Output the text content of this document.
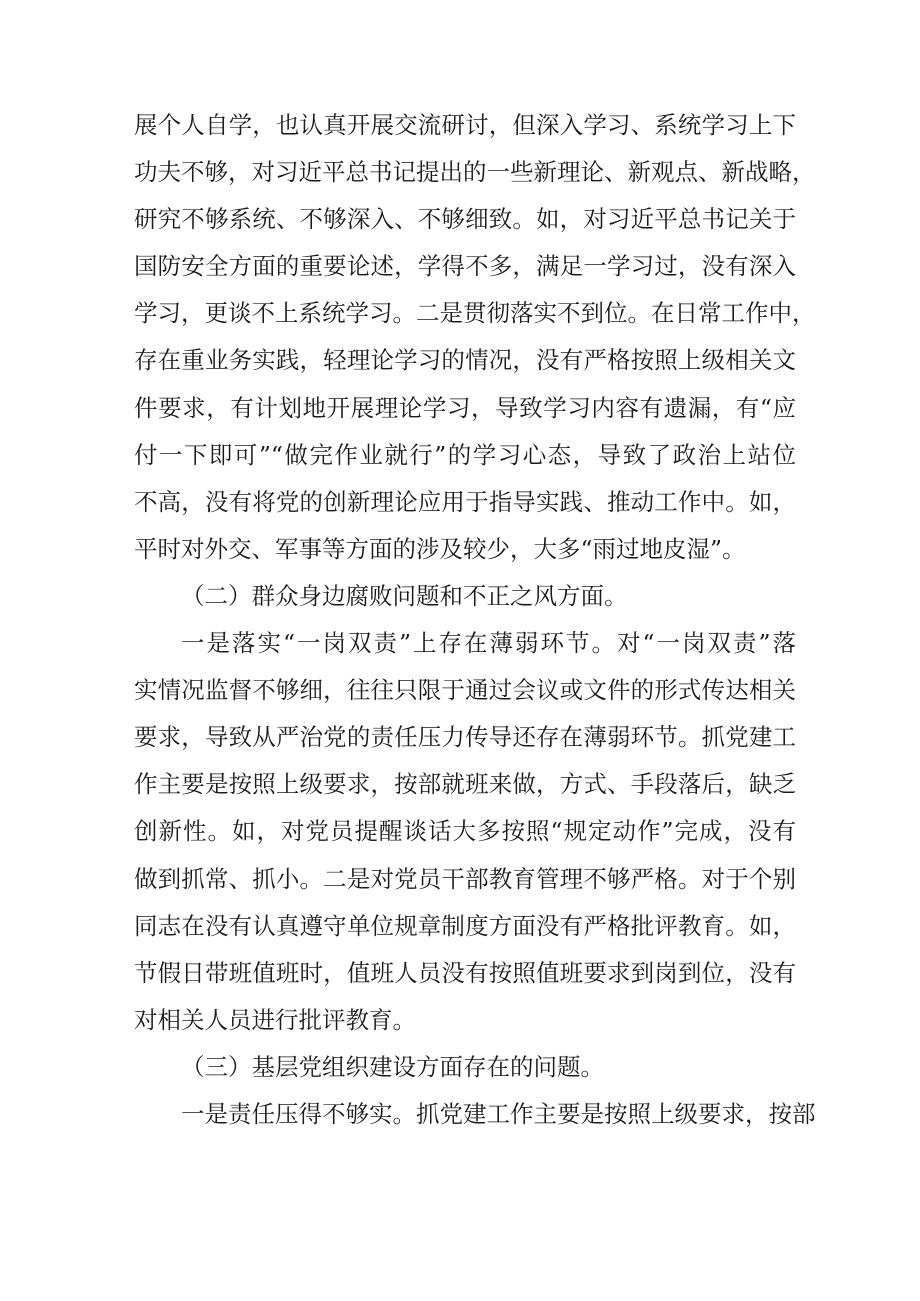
展个人自学，也认真开展交流研讨，但深入学习、系统学习上下
功夫不够，对习近平总书记提出的一些新理论、新观点、新战略，
研究不够系统、不够深入、不够细致。如，对习近平总书记关于
国防安全方面的重要论述，学得不多，满足一学习过，没有深入
学习，更谈不上系统学习。二是贯彻落实不到位。在日常工作中，
存在重业务实践，轻理论学习的情况，没有严格按照上级相关文
件要求，有计划地开展理论学习，导致学习内容有遗漏，有“应
付一下即可”“做完作业就行”的学习心态，导致了政治上站位
不高，没有将党的创新理论应用于指导实践、推动工作中。如，
平时对外交、军事等方面的涉及较少，大多“雨过地皮湿”。
（二）群众身边腐败问题和不正之风方面。
一是落实“一岗双责”上存在薄弱环节。对“一岗双责”落
实情况监督不够细，往往只限于通过会议或文件的形式传达相关
要求，导致从严治党的责任压力传导还存在薄弱环节。抓党建工
作主要是按照上级要求，按部就班来做，方式、手段落后，缺乏
创新性。如，对党员提醒谈话大多按照“规定动作”完成，没有
做到抓常、抓小。二是对党员干部教育管理不够严格。对于个别
同志在没有认真遵守单位规章制度方面没有严格批评教育。如，
节假日带班值班时，值班人员没有按照值班要求到岗到位，没有
对相关人员进行批评教育。
（三）基层党组织建设方面存在的问题。
一是责任压得不够实。抓党建工作主要是按照上级要求，按部
